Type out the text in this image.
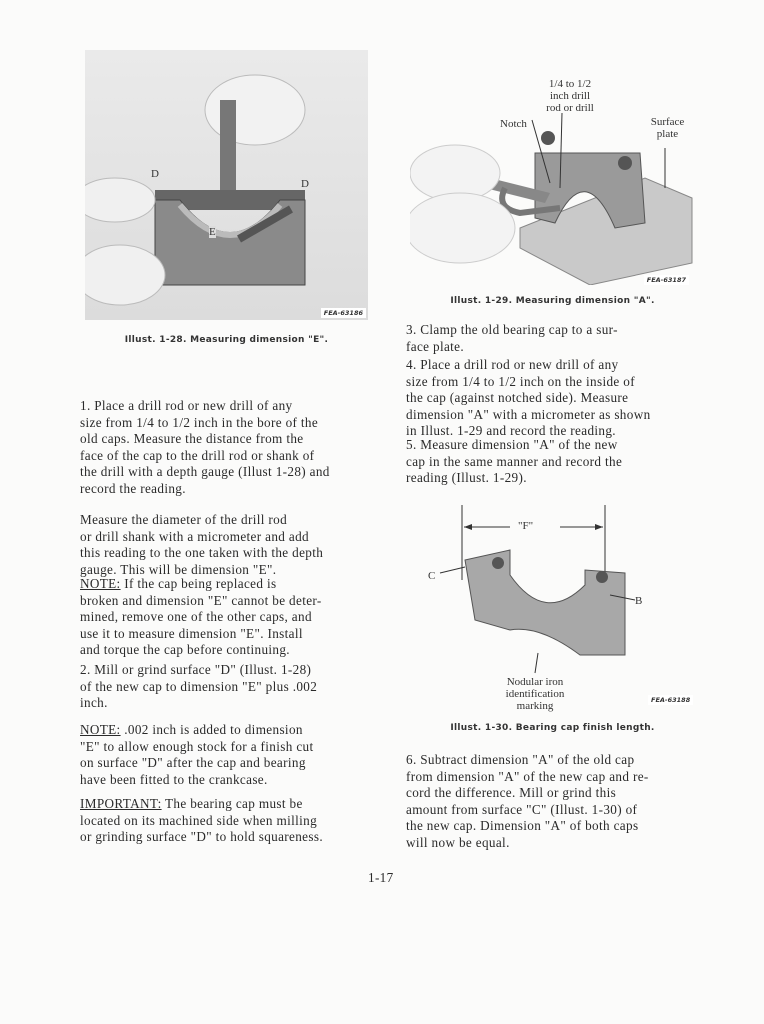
D
D
E
FEA-63186
Illust. 1-28. Measuring dimension "E".
1/4 to 1/2
inch drill
rod or drill
Notch	Surface
plate
FEA-63187
Illust. 1-29. Measuring dimension "A".
"F"
C
B
Nodular iron
identification
marking	FEA-63188
Illust. 1-30. Bearing cap finish length.
1. Place a drill rod or new drill of any
size from 1/4 to 1/2 inch in the bore of the
old caps. Measure the distance from the
face of the cap to the drill rod or shank of
the drill with a depth gauge (Illust 1-28) and
record the reading.
Measure the diameter of the drill rod
or drill shank with a micrometer and add
this reading to the one taken with the depth
gauge. This will be dimension "E".
NOTE: If the cap being replaced is
broken and dimension "E" cannot be deter-
mined, remove one of the other caps, and
use it to measure dimension "E". Install
and torque the cap before continuing.
2. Mill or grind surface "D" (Illust. 1-28)
of the new cap to dimension "E" plus .002
inch.
NOTE: .002 inch is added to dimension
"E" to allow enough stock for a finish cut
on surface "D" after the cap and bearing
have been fitted to the crankcase.
IMPORTANT: The bearing cap must be
located on its machined side when milling
or grinding surface "D" to hold squareness.
3. Clamp the old bearing cap to a sur-
face plate.
4. Place a drill rod or new drill of any
size from 1/4 to 1/2 inch on the inside of
the cap (against notched side). Measure
dimension "A" with a micrometer as shown
in Illust. 1-29 and record the reading.
5. Measure dimension "A" of the new
cap in the same manner and record the
reading (Illust. 1-29).
6. Subtract dimension "A" of the old cap
from dimension "A" of the new cap and re-
cord the difference. Mill or grind this
amount from surface "C" (Illust. 1-30) of
the new cap. Dimension "A" of both caps
will now be equal.
1-17
